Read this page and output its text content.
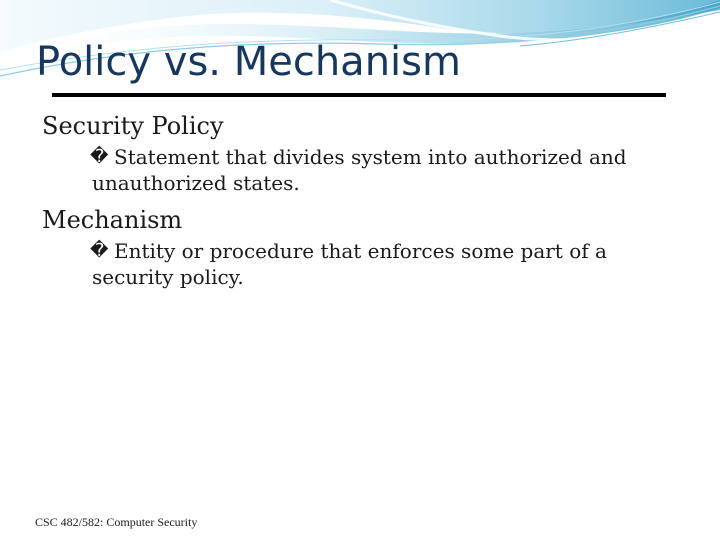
Policy vs. Mechanism

Security Policy

� Statement that divides system into authorized and unauthorized states.

Mechanism

� Entity or procedure that enforces some part of a security policy.
CSC 482/582: Computer Security
